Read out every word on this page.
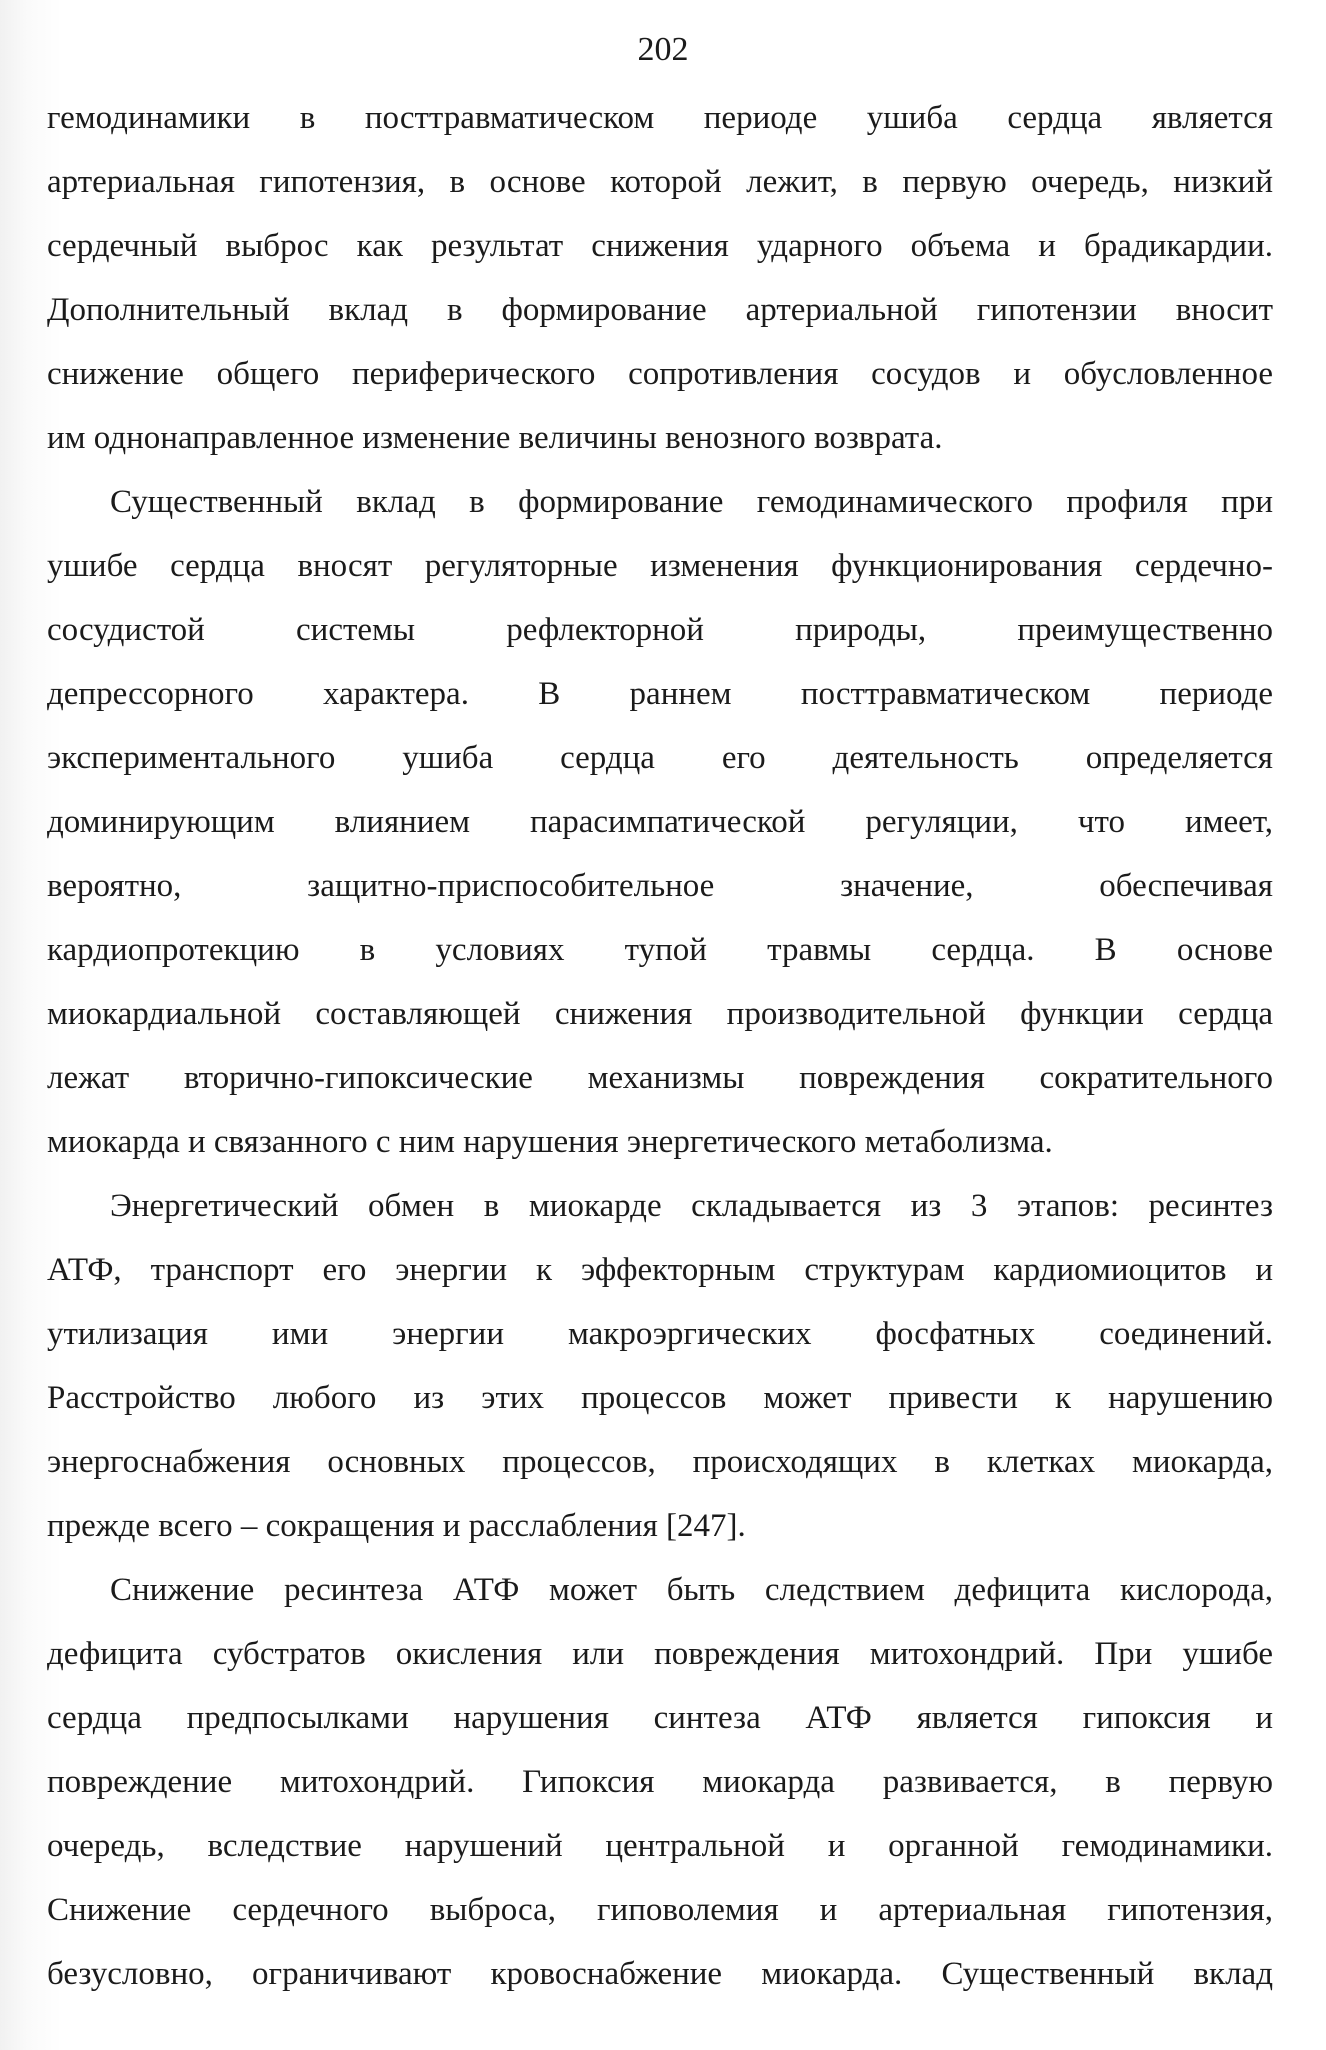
202

гемодинамики в посттравматическом периоде ушиба сердца является
артериальная гипотензия, в основе которой лежит, в первую очередь, низкий
сердечный выброс как результат снижения ударного объема и брадикардии.
Дополнительный вклад в формирование артериальной гипотензии вносит
снижение общего периферического сопротивления сосудов и обусловленное
им однонаправленное изменение величины венозного возврата.

Существенный вклад в формирование гемодинамического профиля при
ушибе сердца вносят регуляторные изменения функционирования сердечно-
сосудистой системы рефлекторной природы, преимущественно
депрессорного характера. В раннем посттравматическом периоде
экспериментального ушиба сердца его деятельность определяется
доминирующим влиянием парасимпатической регуляции, что имеет,
вероятно, защитно-приспособительное значение, обеспечивая
кардиопротекцию в условиях тупой травмы сердца. В основе
миокардиальной составляющей снижения производительной функции сердца
лежат вторично-гипоксические механизмы повреждения сократительного
миокарда и связанного с ним нарушения энергетического метаболизма.

Энергетический обмен в миокарде складывается из 3 этапов: ресинтез
АТФ, транспорт его энергии к эффекторным структурам кардиомиоцитов и
утилизация ими энергии макроэргических фосфатных соединений.
Расстройство любого из этих процессов может привести к нарушению
энергоснабжения основных процессов, происходящих в клетках миокарда,
прежде всего – сокращения и расслабления [247].

Снижение ресинтеза АТФ может быть следствием дефицита кислорода,
дефицита субстратов окисления или повреждения митохондрий. При ушибе
сердца предпосылками нарушения синтеза АТФ является гипоксия и
повреждение митохондрий. Гипоксия миокарда развивается, в первую
очередь, вследствие нарушений центральной и органной гемодинамики.
Снижение сердечного выброса, гиповолемия и артериальная гипотензия,
безусловно, ограничивают кровоснабжение миокарда. Существенный вклад
